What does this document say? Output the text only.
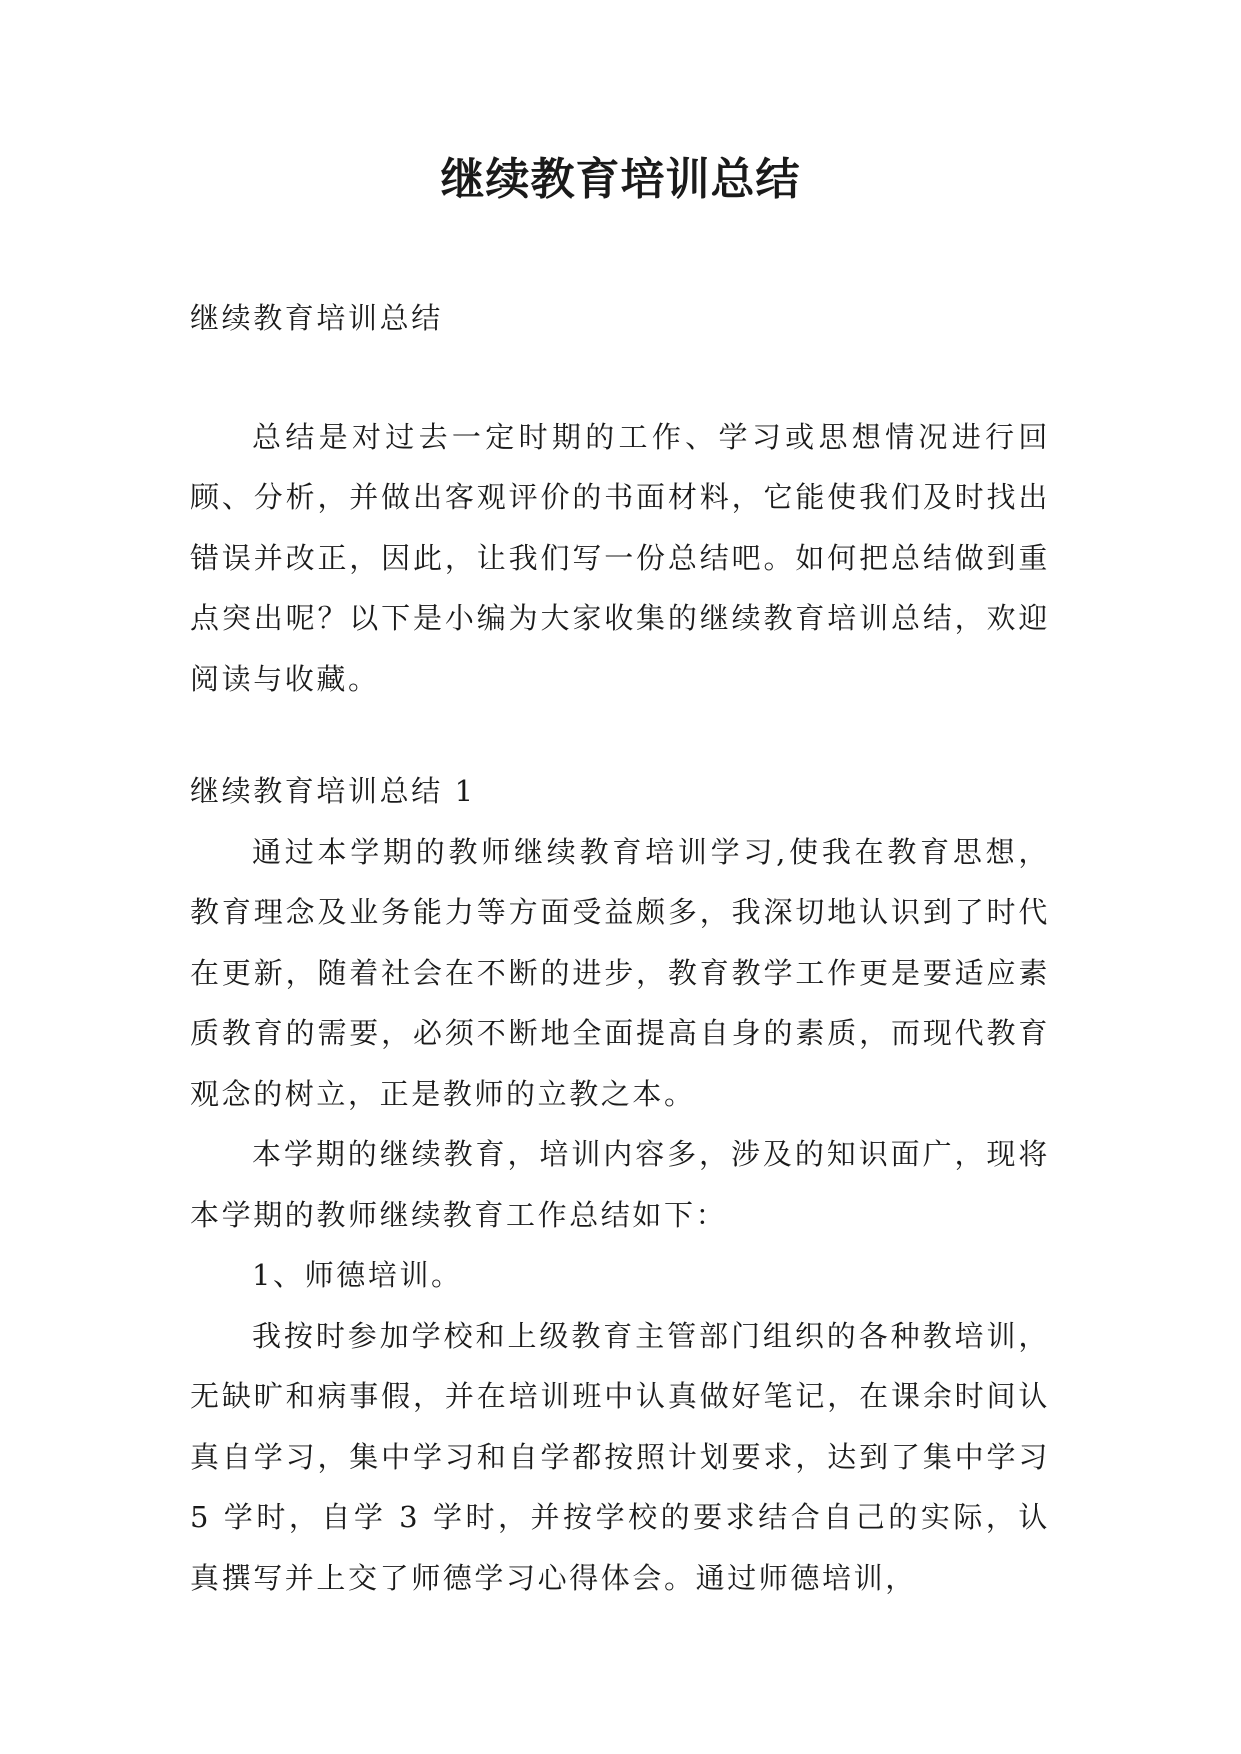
继续教育培训总结

继续教育培训总结

总结是对过去一定时期的工作、学习或思想情况进行回顾、分析，并做出客观评价的书面材料，它能使我们及时找出错误并改正，因此，让我们写一份总结吧。如何把总结做到重点突出呢？以下是小编为大家收集的继续教育培训总结，欢迎阅读与收藏。

继续教育培训总结 1

通过本学期的教师继续教育培训学习,使我在教育思想，教育理念及业务能力等方面受益颇多，我深切地认识到了时代在更新，随着社会在不断的进步，教育教学工作更是要适应素质教育的需要，必须不断地全面提高自身的素质，而现代教育观念的树立，正是教师的立教之本。

本学期的继续教育，培训内容多，涉及的知识面广，现将本学期的教师继续教育工作总结如下：

1、师德培训。

我按时参加学校和上级教育主管部门组织的各种教培训，无缺旷和病事假，并在培训班中认真做好笔记，在课余时间认真自学习，集中学习和自学都按照计划要求，达到了集中学习 5 学时，自学 3 学时，并按学校的要求结合自己的实际，认真撰写并上交了师德学习心得体会。通过师德培训，
